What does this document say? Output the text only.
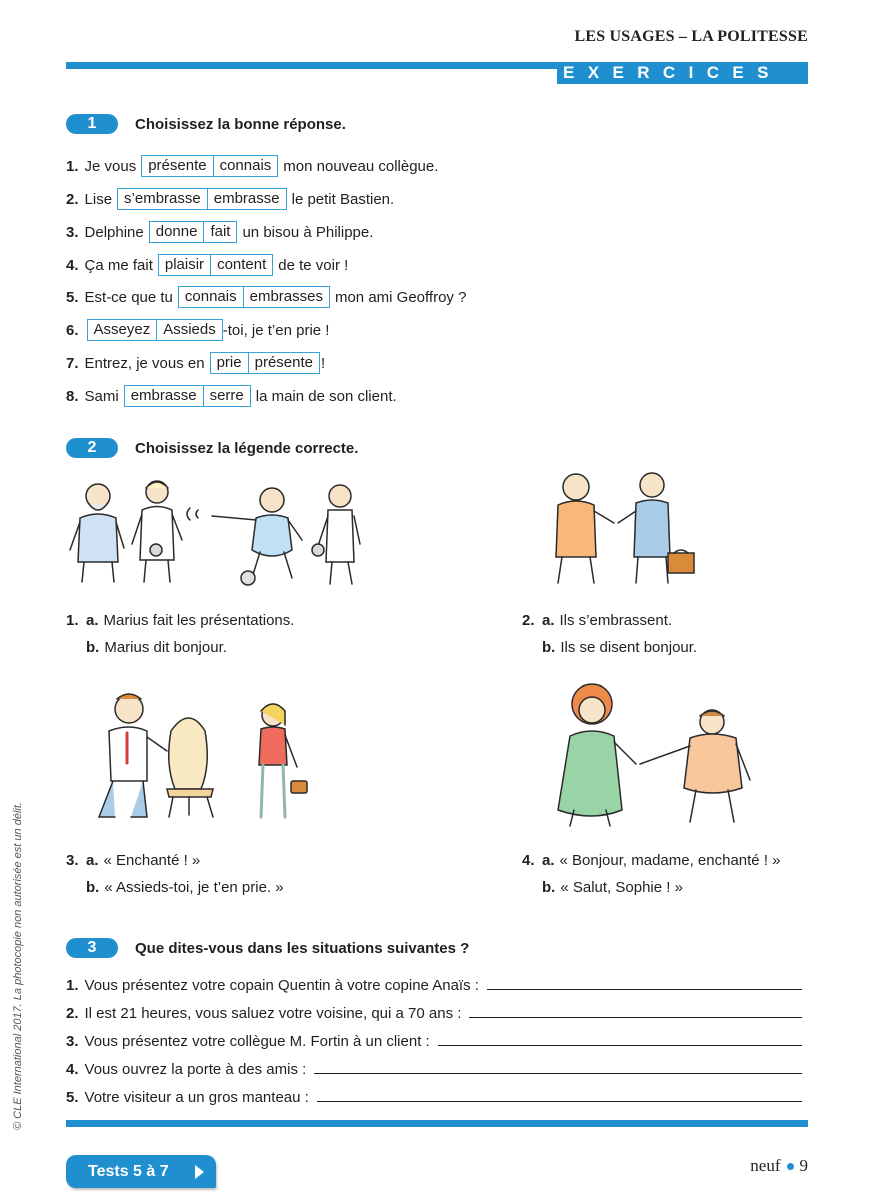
LES USAGES – LA POLITESSE
EXERCICES
© CLE International 2017. La photocopie non autorisée est un délit.
1	Choisissez la bonne réponse.
1. Je vous présente connais mon nouveau collègue.
2. Lise s’embrasse embrasse le petit Bastien.
3. Delphine donne fait un bisou à Philippe.
4. Ça me fait plaisir content de te voir !
5. Est-ce que tu connais embrasses mon ami Geoffroy ?
6.	Asseyez Assieds -toi, je t’en prie !
7. Entrez, je vous en prie présente !
8. Sami embrasse serre la main de son client.
2	Choisissez la légende correcte.
1. a. Marius fait les présentations.
b. Marius dit bonjour.
2. a. Ils s’embrassent.
b. Ils se disent bonjour.
3. a. « Enchanté ! »
b. « Assieds-toi, je t’en prie. »
4. a. « Bonjour, madame, enchanté ! »
b. « Salut, Sophie ! »
3	Que dites-vous dans les situations suivantes ?
1. Vous présentez votre copain Quentin à votre copine Anaïs :
2. Il est 21 heures, vous saluez votre voisine, qui a 70 ans :
3. Vous présentez votre collègue M. Fortin à un client :
4. Vous ouvrez la porte à des amis :
5. Votre visiteur a un gros manteau :
Tests 5 à 7	neuf 9
